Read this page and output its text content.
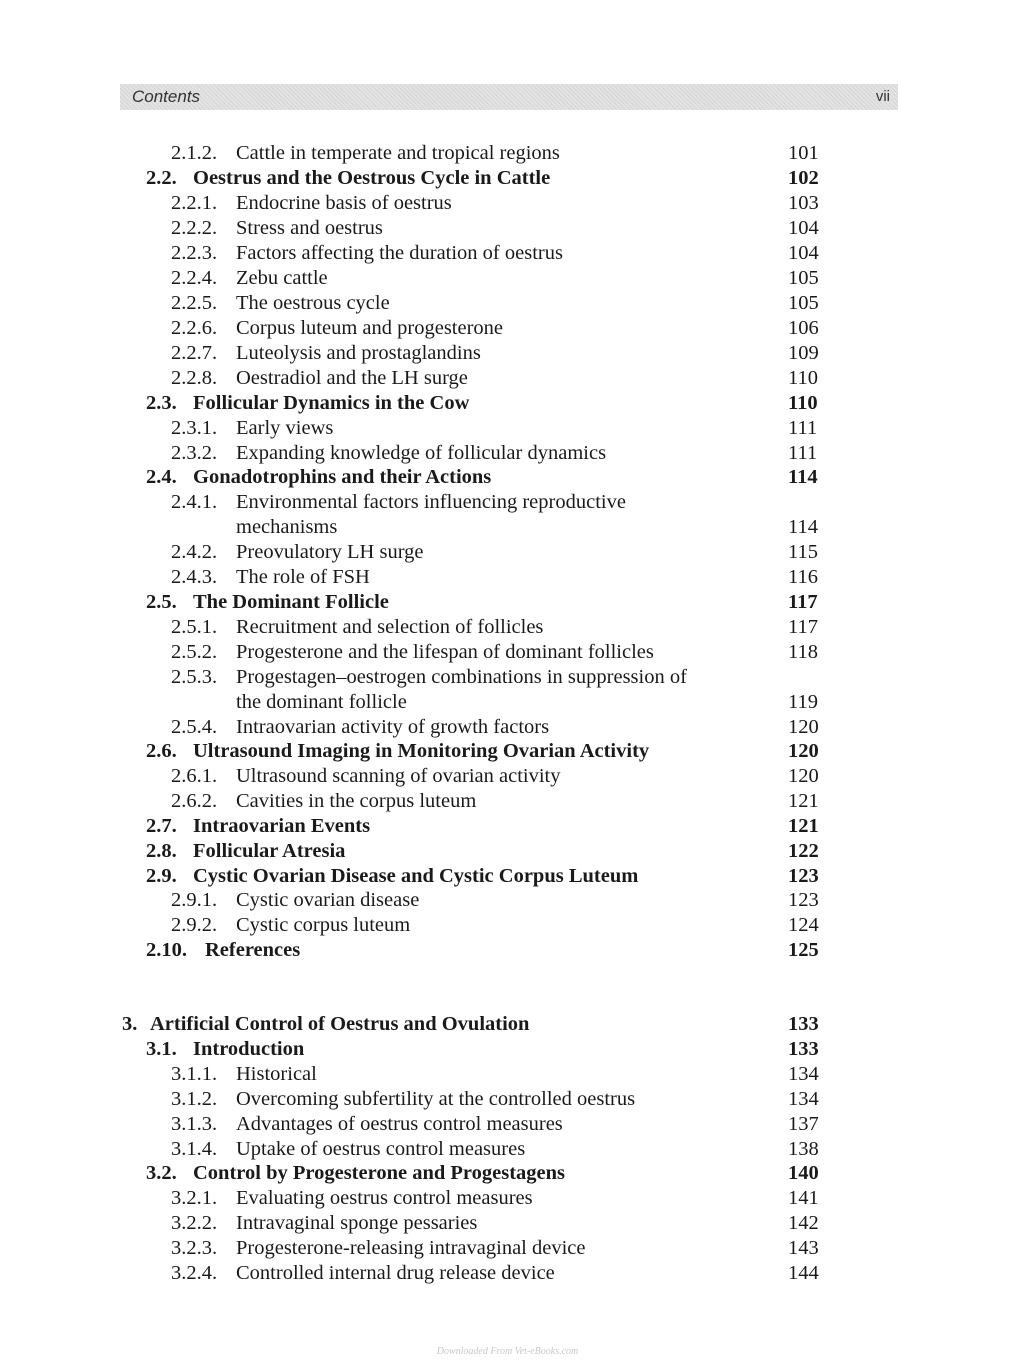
Contents	vii
2.1.2. Cattle in temperate and tropical regions	101
2.2. Oestrus and the Oestrous Cycle in Cattle	102
2.2.1. Endocrine basis of oestrus	103
2.2.2. Stress and oestrus	104
2.2.3. Factors affecting the duration of oestrus	104
2.2.4. Zebu cattle	105
2.2.5. The oestrous cycle	105
2.2.6. Corpus luteum and progesterone	106
2.2.7. Luteolysis and prostaglandins	109
2.2.8. Oestradiol and the LH surge	110
2.3. Follicular Dynamics in the Cow	110
2.3.1. Early views	111
2.3.2. Expanding knowledge of follicular dynamics	111
2.4. Gonadotrophins and their Actions	114
2.4.1. Environmental factors influencing reproductive
mechanisms	114
2.4.2. Preovulatory LH surge	115
2.4.3. The role of FSH	116
2.5. The Dominant Follicle	117
2.5.1. Recruitment and selection of follicles	117
2.5.2. Progesterone and the lifespan of dominant follicles	118
2.5.3. Progestagen–oestrogen combinations in suppression of
the dominant follicle	119
2.5.4. Intraovarian activity of growth factors	120
2.6. Ultrasound Imaging in Monitoring Ovarian Activity	120
2.6.1. Ultrasound scanning of ovarian activity	120
2.6.2. Cavities in the corpus luteum	121
2.7. Intraovarian Events	121
2.8. Follicular Atresia	122
2.9. Cystic Ovarian Disease and Cystic Corpus Luteum	123
2.9.1. Cystic ovarian disease	123
2.9.2. Cystic corpus luteum	124
2.10. References	125
3. Artificial Control of Oestrus and Ovulation	133
3.1. Introduction	133
3.1.1. Historical	134
3.1.2. Overcoming subfertility at the controlled oestrus	134
3.1.3. Advantages of oestrus control measures	137
3.1.4. Uptake of oestrus control measures	138
3.2. Control by Progesterone and Progestagens	140
3.2.1. Evaluating oestrus control measures	141
3.2.2. Intravaginal sponge pessaries	142
3.2.3. Progesterone-releasing intravaginal device	143
3.2.4. Controlled internal drug release device	144
Downloaded From Vet-eBooks.com
